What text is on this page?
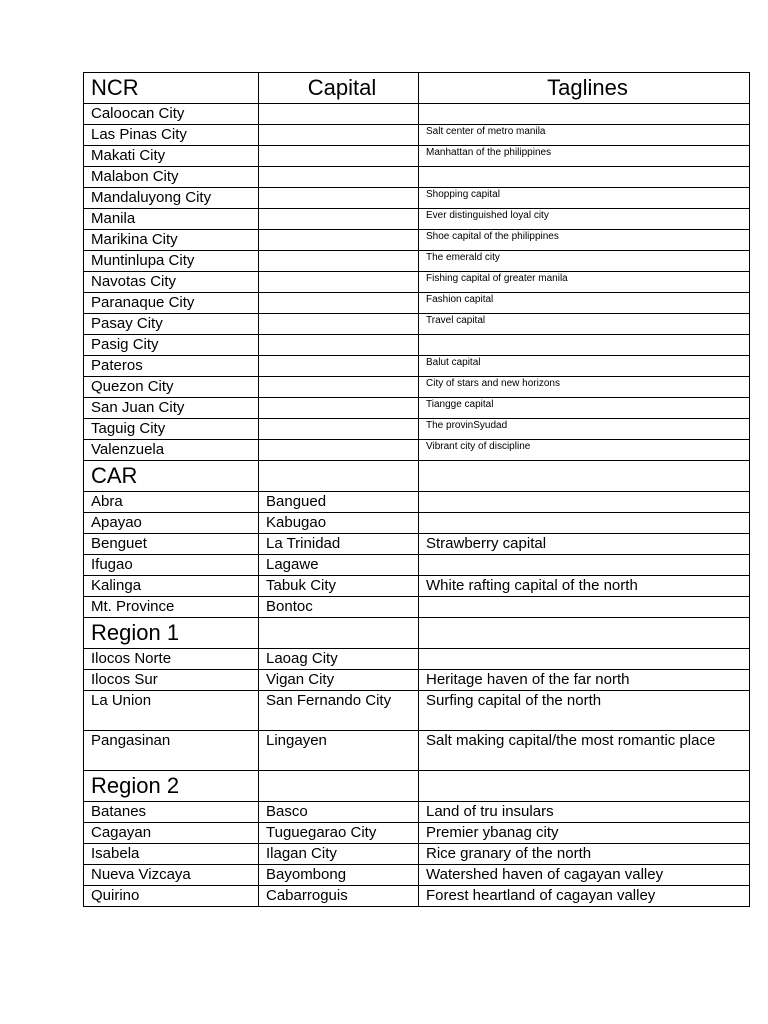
NCR	Capital	Taglines
Caloocan City		
Las Pinas City		Salt center of metro manila
Makati City		Manhattan of the philippines
Malabon City		
Mandaluyong City		Shopping capital
Manila		Ever distinguished loyal city
Marikina City		Shoe capital of the philippines
Muntinlupa City		The emerald city
Navotas City		Fishing capital of greater manila
Paranaque City		Fashion capital
Pasay City		Travel capital
Pasig City		
Pateros		Balut capital
Quezon City		City of stars and new horizons
San Juan City		Tiangge capital
Taguig City		The provinSyudad
Valenzuela		Vibrant city of discipline
CAR		
Abra	Bangued	
Apayao	Kabugao	
Benguet	La Trinidad	Strawberry capital
Ifugao	Lagawe	
Kalinga	Tabuk City	White rafting capital of the north
Mt. Province	Bontoc	
Region 1		
Ilocos Norte	Laoag City	
Ilocos Sur	Vigan City	Heritage haven of the far north
La Union	San Fernando City	Surfing capital of the north
Pangasinan	Lingayen	Salt making capital/the most romantic place
Region 2		
Batanes	Basco	Land of tru insulars
Cagayan	Tuguegarao City	Premier ybanag city
Isabela	Ilagan City	Rice granary of the north
Nueva Vizcaya	Bayombong	Watershed haven of cagayan valley
Quirino	Cabarroguis	Forest heartland of cagayan valley
